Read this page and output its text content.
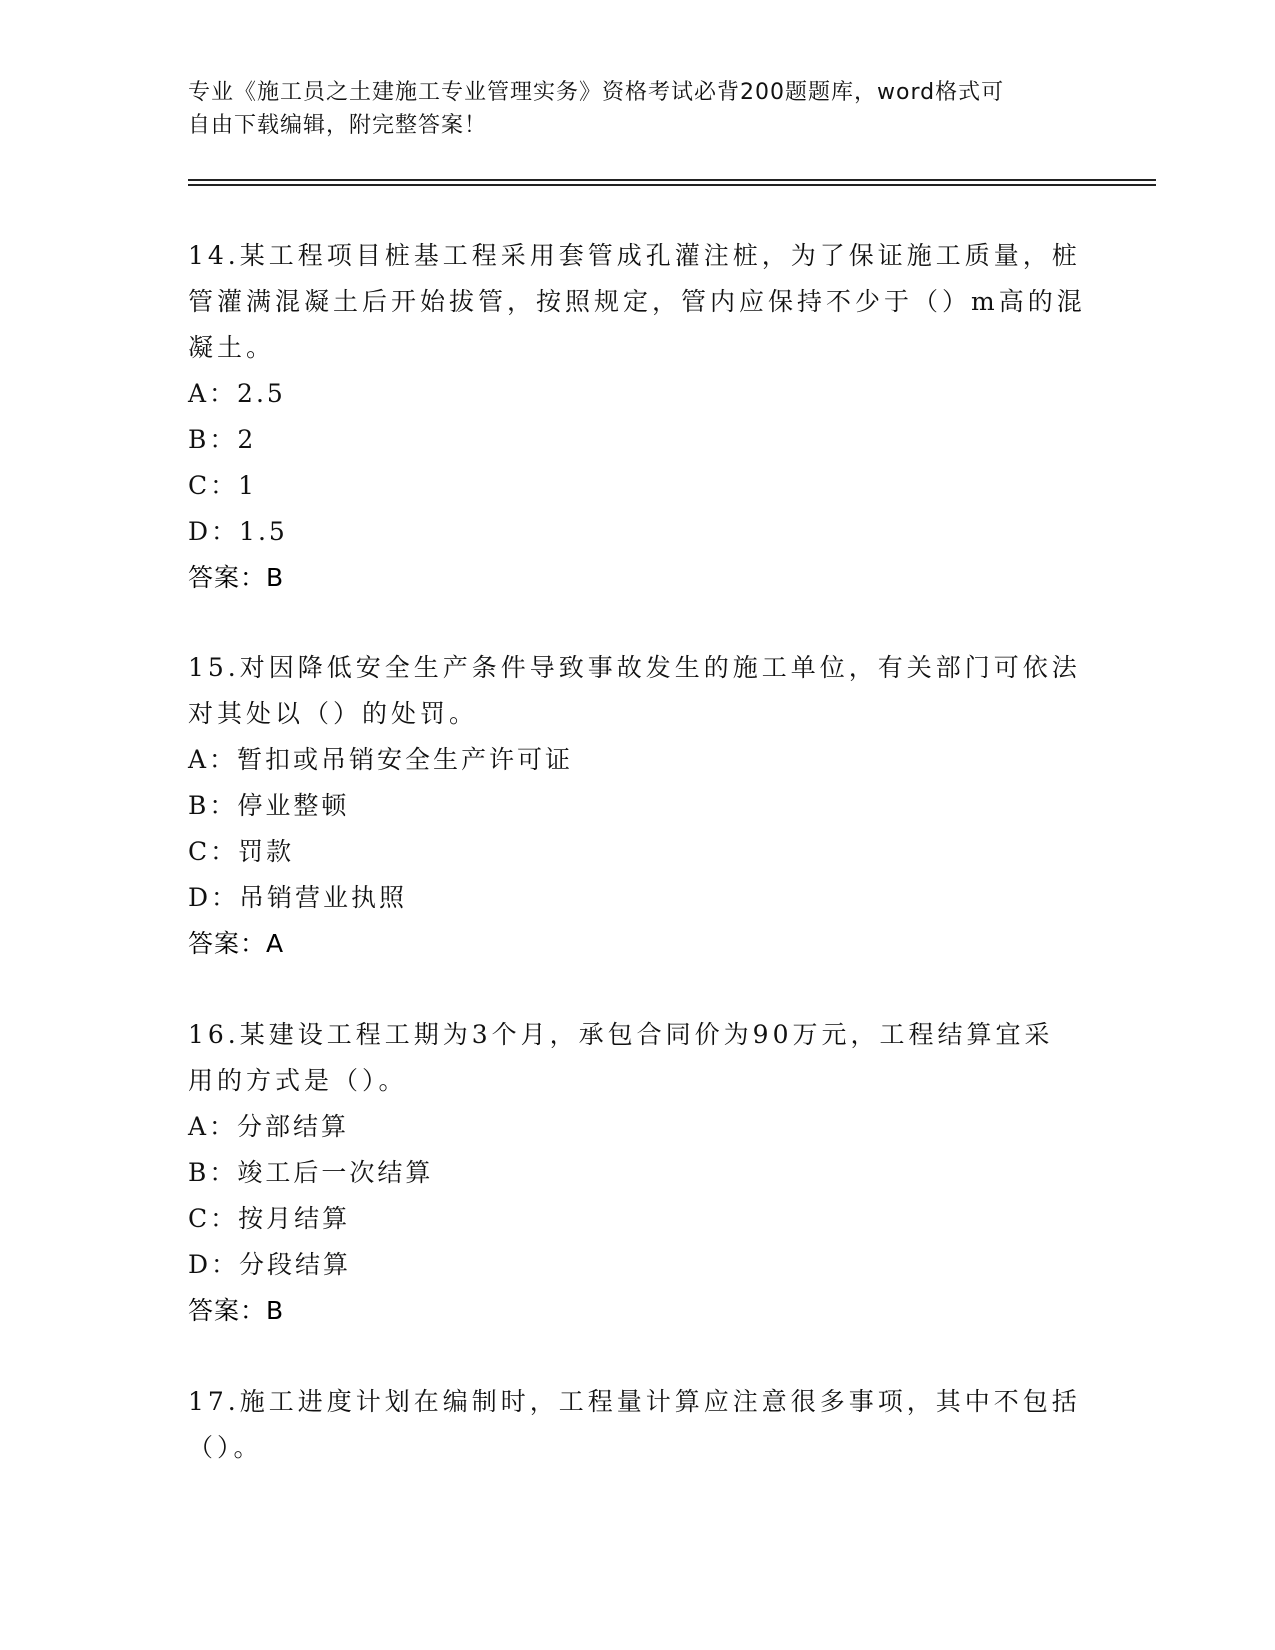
专业《施工员之土建施工专业管理实务》资格考试必背200题题库，word格式可
自由下载编辑，附完整答案！
14.某工程项目桩基工程采用套管成孔灌注桩，为了保证施工质量，桩
管灌满混凝土后开始拔管，按照规定，管内应保持不少于（）m高的混
凝土。
A：2.5
B：2
C：1
D：1.5
答案：B
15.对因降低安全生产条件导致事故发生的施工单位，有关部门可依法
对其处以（）的处罚。
A：暂扣或吊销安全生产许可证
B：停业整顿
C：罚款
D：吊销营业执照
答案：A
16.某建设工程工期为3个月，承包合同价为90万元，工程结算宜采
用的方式是（）。
A：分部结算
B：竣工后一次结算
C：按月结算
D：分段结算
答案：B
17.施工进度计划在编制时，工程量计算应注意很多事项，其中不包括
（）。
